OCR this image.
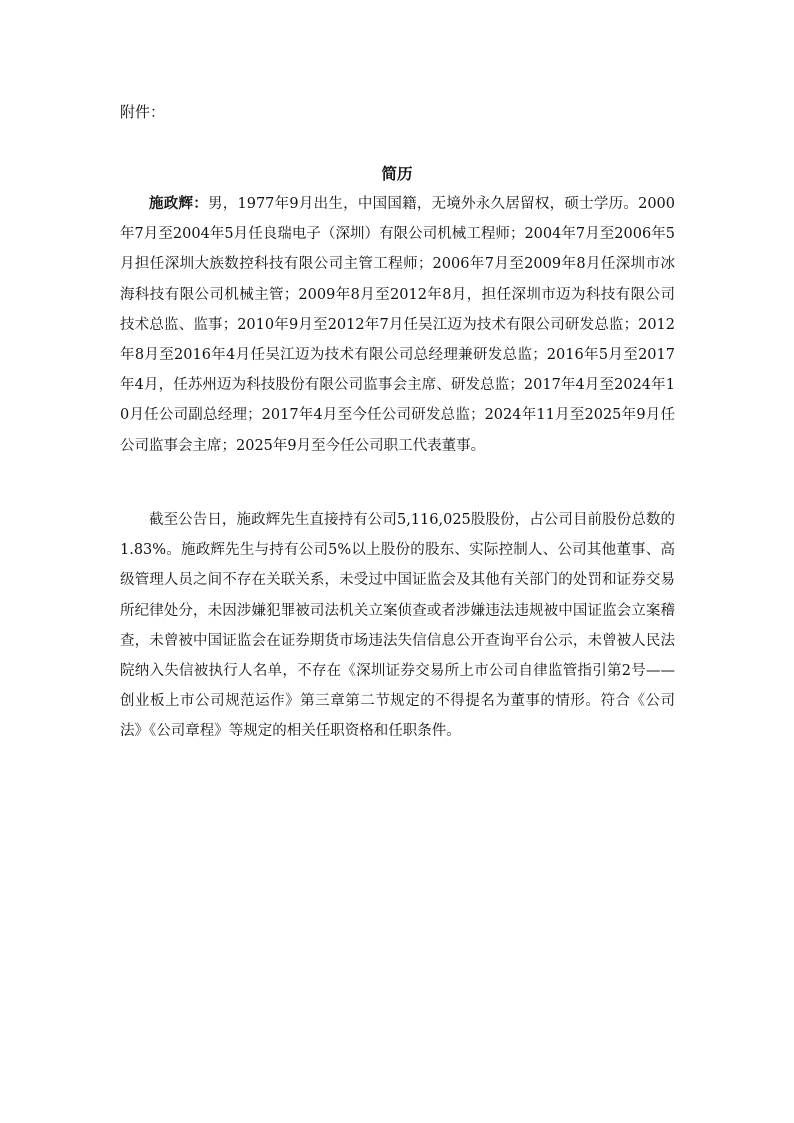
附件：
简历

施政辉：男，1977年9月出生，中国国籍，无境外永久居留权，硕士学历。2000年7月至2004年5月任良瑞电子（深圳）有限公司机械工程师；2004年7月至2006年5月担任深圳大族数控科技有限公司主管工程师；2006年7月至2009年8月任深圳市冰海科技有限公司机械主管；2009年8月至2012年8月，担任深圳市迈为科技有限公司技术总监、监事；2010年9月至2012年7月任吴江迈为技术有限公司研发总监；2012年8月至2016年4月任吴江迈为技术有限公司总经理兼研发总监；2016年5月至2017年4月，任苏州迈为科技股份有限公司监事会主席、研发总监；2017年4月至2024年10月任公司副总经理；2017年4月至今任公司研发总监；2024年11月至2025年9月任公司监事会主席；2025年9月至今任公司职工代表董事。

截至公告日，施政辉先生直接持有公司5,116,025股股份，占公司目前股份总数的1.83%。施政辉先生与持有公司5%以上股份的股东、实际控制人、公司其他董事、高级管理人员之间不存在关联关系，未受过中国证监会及其他有关部门的处罚和证券交易所纪律处分，未因涉嫌犯罪被司法机关立案侦查或者涉嫌违法违规被中国证监会立案稽查，未曾被中国证监会在证券期货市场违法失信信息公开查询平台公示，未曾被人民法院纳入失信被执行人名单，不存在《深圳证券交易所上市公司自律监管指引第2号——创业板上市公司规范运作》第三章第二节规定的不得提名为董事的情形。符合《公司法》《公司章程》等规定的相关任职资格和任职条件。
